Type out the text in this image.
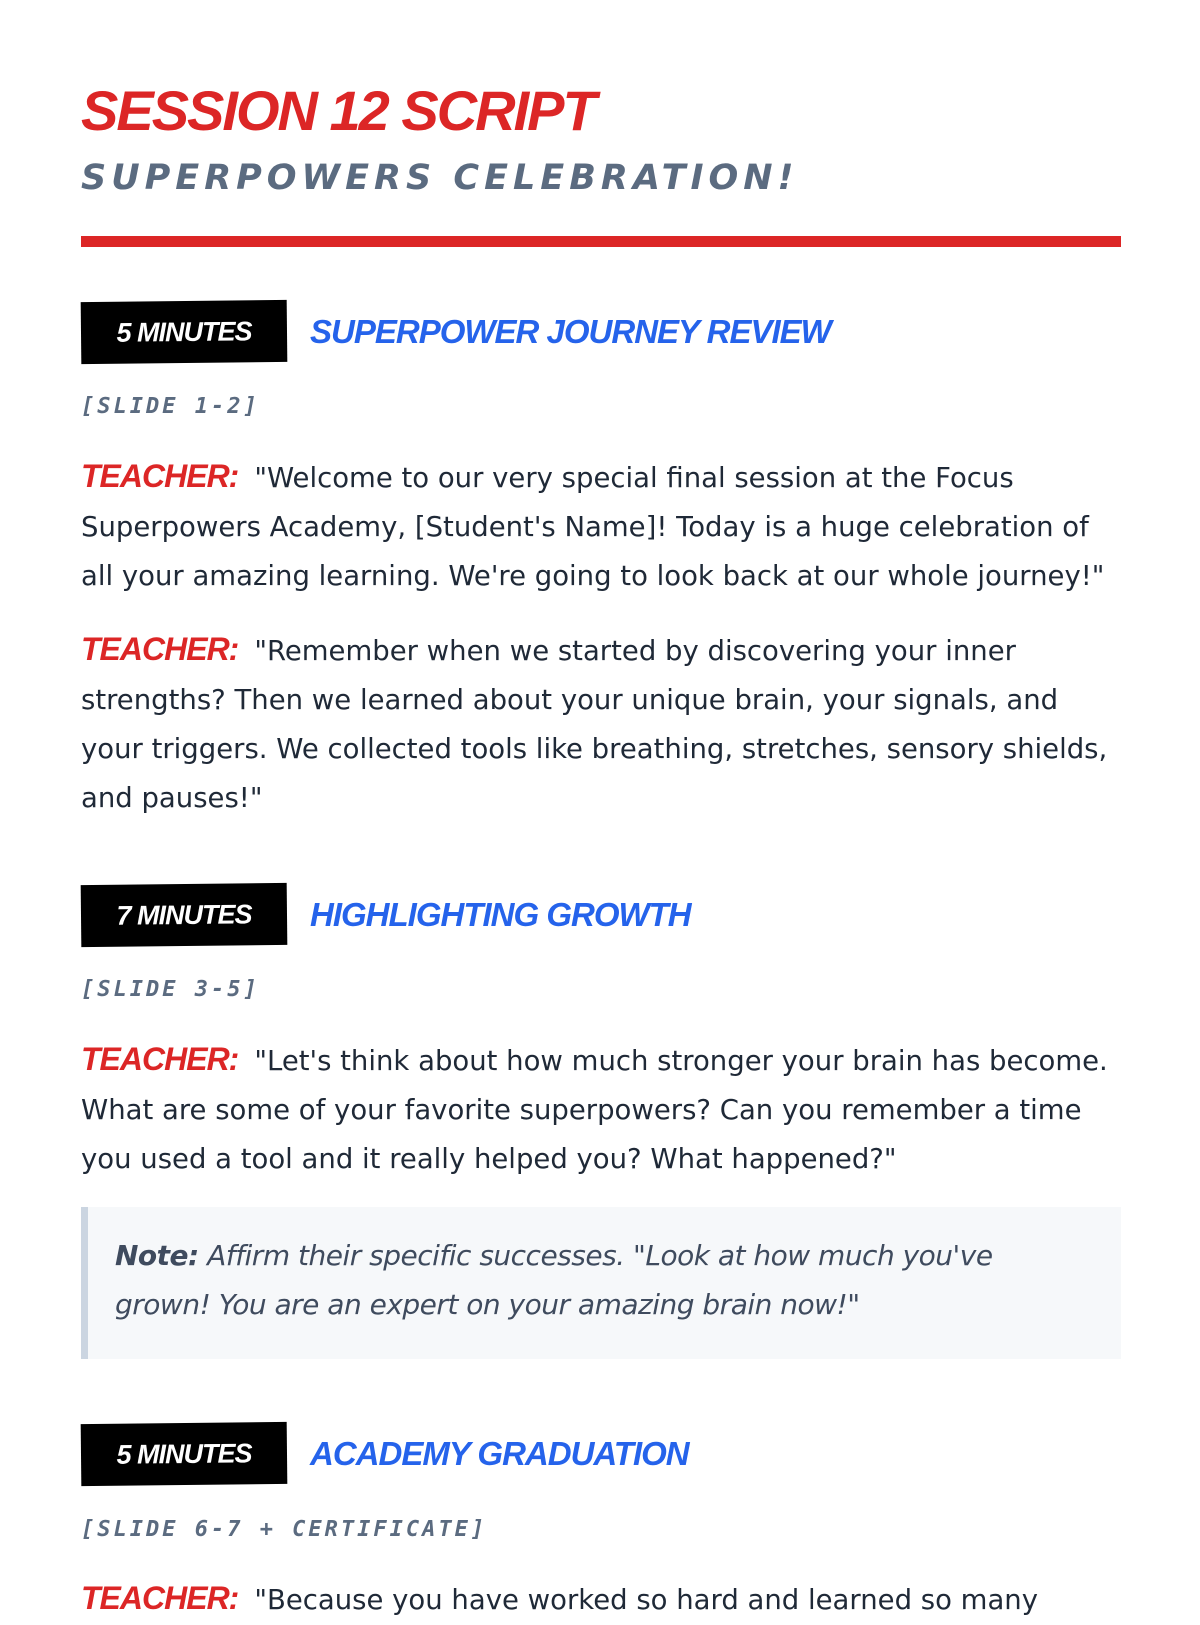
SESSION 12 SCRIPT
SUPERPOWERS CELEBRATION!
5 MINUTES SUPERPOWER JOURNEY REVIEW
[SLIDE 1-2]

TEACHER: "Welcome to our very special final session at the Focus Superpowers Academy, [Student's Name]! Today is a huge celebration of all your amazing learning. We're going to look back at our whole journey!"

TEACHER: "Remember when we started by discovering your inner strengths? Then we learned about your unique brain, your signals, and your triggers. We collected tools like breathing, stretches, sensory shields, and pauses!"

7 MINUTES HIGHLIGHTING GROWTH
[SLIDE 3-5]

TEACHER: "Let's think about how much stronger your brain has become. What are some of your favorite superpowers? Can you remember a time you used a tool and it really helped you? What happened?"

Note: Affirm their specific successes. "Look at how much you've grown! You are an expert on your amazing brain now!"

5 MINUTES ACADEMY GRADUATION
[SLIDE 6-7 + CERTIFICATE]

TEACHER: "Because you have worked so hard and learned so many
